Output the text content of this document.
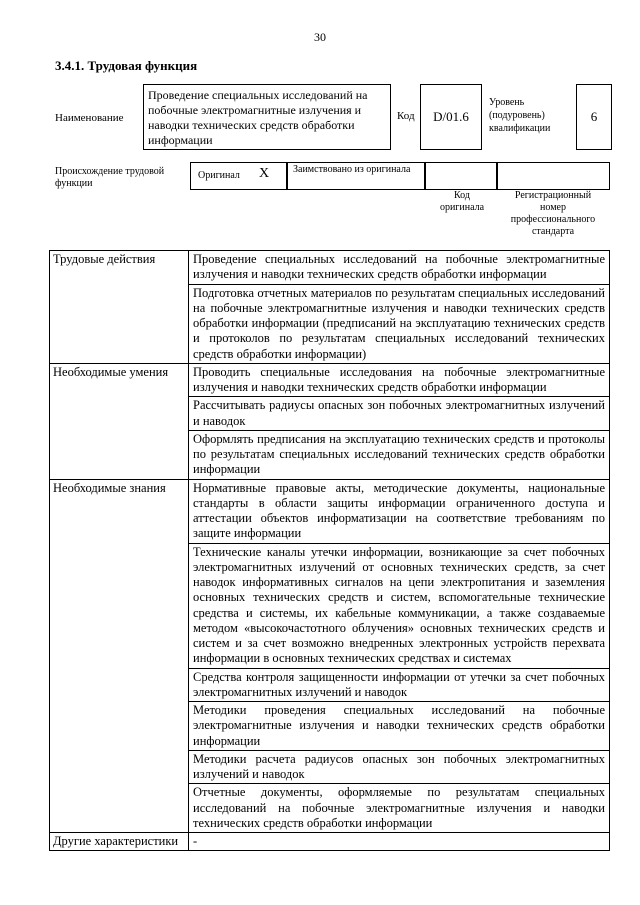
30
3.4.1. Трудовая функция
Наименование
Проведение специальных исследований на побочные электромагнитные излучения и наводки технических средств обработки информации
Код	D/01.6
Уровень (подуровень) квалификации
6
Происхождение трудовой функции
Оригинал X Заимствовано из оригинала
Код оригинала
Регистрационный номер профессионального стандарта
Трудовые действия	Проведение специальных исследований на побочные электромагнитные излучения и наводки технических средств обработки информации
	Подготовка отчетных материалов по результатам специальных исследований на побочные электромагнитные излучения и наводки технических средств обработки информации (предписаний на эксплуатацию технических средств и протоколов по результатам специальных исследований технических средств обработки информации)
Необходимые умения	Проводить специальные исследования на побочные электромагнитные излучения и наводки технических средств обработки информации
	Рассчитывать радиусы опасных зон побочных электромагнитных излучений и наводок
	Оформлять предписания на эксплуатацию технических средств и протоколы по результатам специальных исследований технических средств обработки информации
Необходимые знания	Нормативные правовые акты, методические документы, национальные стандарты в области защиты информации ограниченного доступа и аттестации объектов информатизации на соответствие требованиям по защите информации
	Технические каналы утечки информации, возникающие за счет побочных электромагнитных излучений от основных технических средств, за счет наводок информативных сигналов на цепи электропитания и заземления основных технических средств и систем, вспомогательные технические средства и системы, их кабельные коммуникации, а также создаваемые методом «высокочастотного облучения» основных технических средств и систем и за счет возможно внедренных электронных устройств перехвата информации в основных технических средствах и системах
	Средства контроля защищенности информации от утечки за счет побочных электромагнитных излучений и наводок
	Методики проведения специальных исследований на побочные электромагнитные излучения и наводки технических средств обработки информации
	Методики расчета радиусов опасных зон побочных электромагнитных излучений и наводок
	Отчетные документы, оформляемые по результатам специальных исследований на побочные электромагнитные излучения и наводки технических средств обработки информации
Другие характеристики	-
